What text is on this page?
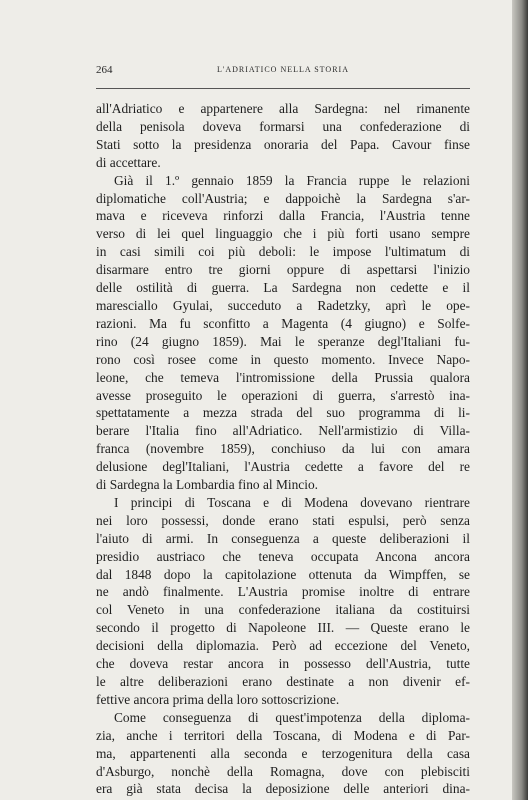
264	L'ADRIATICO NELLA STORIA
all'Adriatico e appartenere alla Sardegna: nel rimanente
della penisola doveva formarsi una confederazione di
Stati sotto la presidenza onoraria del Papa. Cavour finse
di accettare.
Già il 1.º gennaio 1859 la Francia ruppe le relazioni
diplomatiche coll'Austria; e dappoichè la Sardegna s'ar-
mava e riceveva rinforzi dalla Francia, l'Austria tenne
verso di lei quel linguaggio che i più forti usano sempre
in casi simili coi più deboli: le impose l'ultimatum di
disarmare entro tre giorni oppure di aspettarsi l'inizio
delle ostilità di guerra. La Sardegna non cedette e il
maresciallo Gyulai, succeduto a Radetzky, aprì le ope-
razioni. Ma fu sconfitto a Magenta (4 giugno) e Solfe-
rino (24 giugno 1859). Mai le speranze degl'Italiani fu-
rono così rosee come in questo momento. Invece Napo-
leone, che temeva l'intromissione della Prussia qualora
avesse proseguito le operazioni di guerra, s'arrestò ina-
spettatamente a mezza strada del suo programma di li-
berare l'Italia fino all'Adriatico. Nell'armistizio di Villa-
franca (novembre 1859), conchiuso da lui con amara
delusione degl'Italiani, l'Austria cedette a favore del re
di Sardegna la Lombardia fino al Mincio.
I principi di Toscana e di Modena dovevano rientrare
nei loro possessi, donde erano stati espulsi, però senza
l'aiuto di armi. In conseguenza a queste deliberazioni il
presidio austriaco che teneva occupata Ancona ancora
dal 1848 dopo la capitolazione ottenuta da Wimpffen, se
ne andò finalmente. L'Austria promise inoltre di entrare
col Veneto in una confederazione italiana da costituirsi
secondo il progetto di Napoleone III. — Queste erano le
decisioni della diplomazia. Però ad eccezione del Veneto,
che doveva restar ancora in possesso dell'Austria, tutte
le altre deliberazioni erano destinate a non divenir ef-
fettive ancora prima della loro sottoscrizione.
Come conseguenza di quest'impotenza della diploma-
zia, anche i territori della Toscana, di Modena e di Par-
ma, appartenenti alla seconda e terzogenitura della casa
d'Asburgo, nonchè della Romagna, dove con plebisciti
era già stata decisa la deposizione delle anteriori dina-
